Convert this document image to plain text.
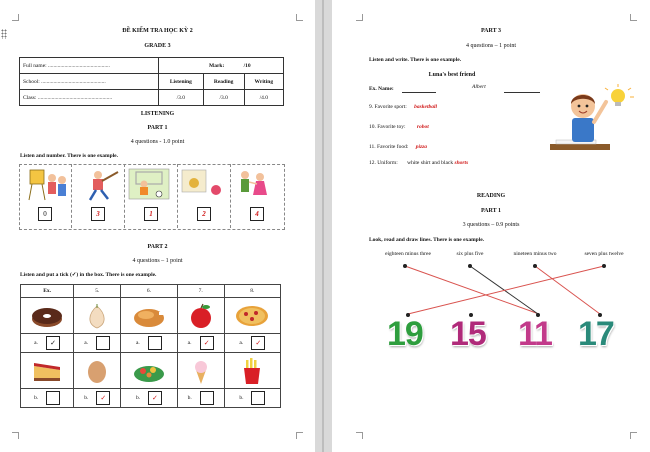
ĐỀ KIỂM TRA HỌC KỲ 2
GRADE 3
Full name: .............................................	Mark: /10		
School: ...............................................	Listening	Reading	Writing
Class: ......................................................	/3.0	/3.0	/4.0
LISTENING
PART 1
4 questions - 1.0 point
Listen and number. There is one example.
0	3	1	2	4
PART 2
4 questions – 1 point
Listen and put a tick (✓) in the box. There is one example.
Ex.	5.	6.	7.	8.

a. ✓	a.	a.	a. ✓	a. ✓

b.	b. ✓	b. ✓	b.	b.
PART 3
4 questions – 1 point
Listen and write. There is one example.
Luna's best friend
Ex. Name:	Albert
9. Favorite sport: basketball
10. Favorite toy: robot
11. Favorite food: pizza
12. Uniform: white shirt and black shorts
READING
PART 1
3 questions – 0.9 points
Look, read and draw lines. There is one example.
eighteen minus three	six plus five	nineteen minus two	seven plus twelve
19 15 11 17
